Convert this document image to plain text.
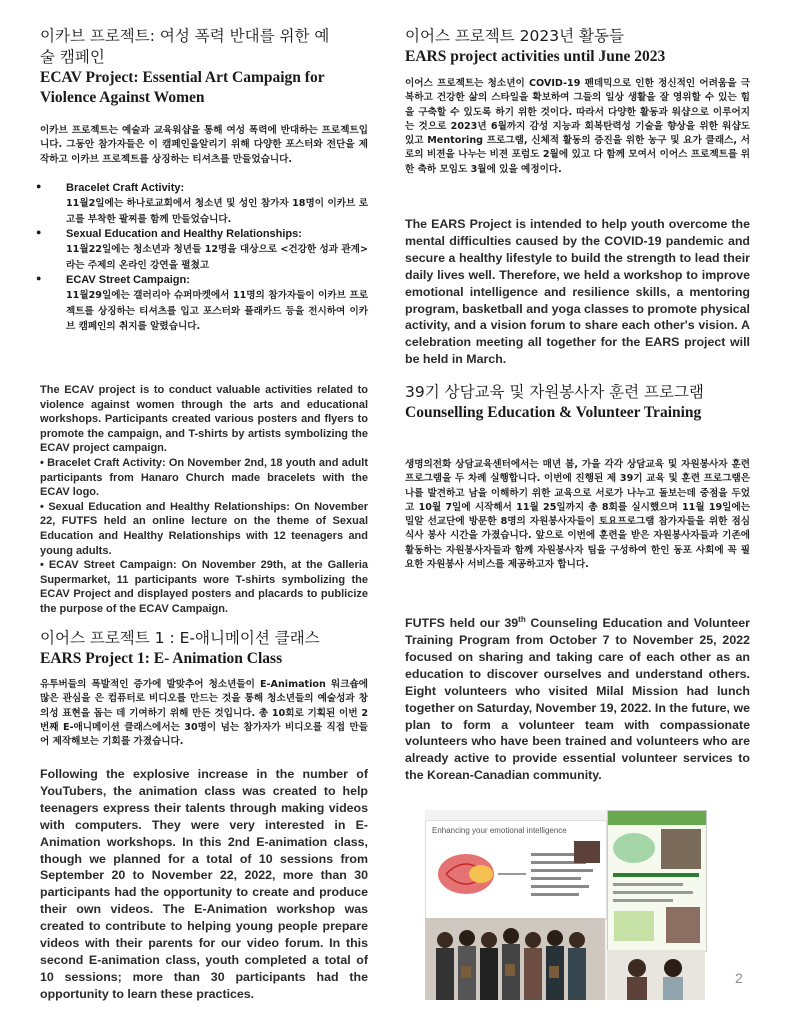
이카브 프로젝트: 여성 폭력 반대를 위한 예술 캠페인

ECAV Project: Essential Art Campaign for Violence Against Women

이카브 프로젝트는 예술과 교육워샵을 통해 여성 폭력에 반대하는 프로젝트입니다. 그동안 참가자들은 이 캠페인을알리기 위해 다양한 포스터와 전단을 제작하고 이카브 프로젝트를 상징하는 티셔츠를 만들었습니다.

● Bracelet Craft Activity:
11월2일에는 하나로교회에서 청소년 및 성인 참가자 18명이 이카브 로고를 부착한 팔찌를 함께 만들었습니다.
● Sexual Education and Healthy Relationships:
11월22일에는 청소년과 청년들 12명을 대상으로 <건강한 성과 관계>라는 주제의 온라인 강연을 펼쳤고
● ECAV Street Campaign:
11월29일에는 갤러리아 슈퍼마켓에서 11명의 참가자들이 이카브 프로젝트를 상징하는 티셔츠를 입고 포스터와 플래카드 등을 전시하여 이카브 캠페인의 취지를 알렸습니다.

The ECAV project is to conduct valuable activities related to violence against women through the arts and educational workshops. Participants created various posters and flyers to promote the campaign, and T-shirts by artists symbolizing the ECAV project campaign.

• Bracelet Craft Activity: On November 2nd, 18 youth and adult participants from Hanaro Church made bracelets with the ECAV logo.

• Sexual Education and Healthy Relationships: On November 22, FUTFS held an online lecture on the theme of Sexual Education and Healthy Relationships with 12 teenagers and young adults.

• ECAV Street Campaign: On November 29th, at the Galleria Supermarket, 11 participants wore T-shirts symbolizing the ECAV Project and displayed posters and placards to publicize the purpose of the ECAV Campaign.

이어스 프로젝트 1 : E-애니메이션 클래스

EARS Project 1: E- Animation Class

유투버들의 폭발적인 증가에 발맞추어 청소년들이 E-Animation 워크숍에 많은 관심을 은 컴퓨터로 비디오를 만드는 것을 통해 청소년들의 예술성과 창의성 표현을 돕는 데 기여하기 위해 만든 것입니다. 총 10회로 기획된 이번 2번째 E-애니메이션 클래스에서는 30명이 넘는 참가자가 비디오를 직접 만들어 제작해보는 기회를 가졌습니다.

Following the explosive increase in the number of YouTubers, the animation class was created to help teenagers express their talents through making videos with computers. They were very interested in E-Animation workshops. In this 2nd E-animation class, though we planned for a total of 10 sessions from September 20 to November 22, 2022, more than 30 participants had the opportunity to create and produce their own videos. The E-Animation workshop was created to contribute to helping young people prepare videos with their parents for our video forum. In this second E-animation class, youth completed a total of 10 sessions; more than 30 participants had the opportunity to learn these practices.

이어스 프로젝트 2023년 활동들

EARS project activities until June 2023

이어스 프로젝트는 청소년이 COVID-19 펜데믹으로 인한 정신적인 어려움을 극복하고 건강한 삶의 스타일을 확보하여 그들의 일상 생활을 잘 영위할 수 있는 힘을 구축할 수 있도록 하기 위한 것이다. 따라서 다양한 활동과 워샵으로 이루어지는 것으로 2023년 6월까지 감성 지능과 회복탄력성 기술을 향상을 위한 워샵도 있고 Mentoring 프로그램, 신체적 활동의 증진을 위한 농구 및 요가 클래스, 서로의 비젼을 나누는 비젼 포럼도 2월에 있고 다 함께 모여서 이어스 프로젝트를 위한 축하 모임도 3월에 있을 예정이다.

The EARS Project is intended to help youth overcome the mental difficulties caused by the COVID-19 pandemic and secure a healthy lifestyle to build the strength to lead their daily lives well. Therefore, we held a workshop to improve emotional intelligence and resilience skills, a mentoring program, basketball and yoga classes to promote physical activity, and a vision forum to share each other's vision. A celebration meeting all together for the EARS project will be held in March.

39기 상담교육 및 자원봉사자 훈련 프로그램

Counselling Education & Volunteer Training

생명의전화 상담교육센터에서는 매년 봄, 가을 각각 상담교육 및 자원봉사자 훈련 프로그램을 두 차례 실행합니다. 이번에 진행된 제 39기 교육 및 훈련 프로그램은 나를 발견하고 남을 이해하기 위한 교육으로 서로가 나누고 돌보는데 중점을 두었고 10월 7일에 시작해서 11월 25일까지 총 8회를 실시했으며 11월 19일에는 밀알 선교단에 방문한 8명의 자원봉사자들이 토요프로그램 참가자들을 위한 점심 식사 봉사 시간을 가졌습니다. 앞으로 이번에 훈련을 받은 자원봉사자들과 기존에 활동하는 자원봉사자들과 함께 자원봉사자 팀을 구성하여 한인 동포 사회에 꼭 필요한 자원봉사 서비스를 제공하고자 합니다.

FUTFS held our 39th Counseling Education and Volunteer Training Program from October 7 to November 25, 2022 focused on sharing and taking care of each other as an education to discover ourselves and understand others. Eight volunteers who visited Milal Mission had lunch together on Saturday, November 19, 2022. In the future, we plan to form a volunteer team with compassionate volunteers who have been trained and volunteers who are already active to provide essential volunteer services to the Korean-Canadian community.

Enhancing your emotional intelligence
2
